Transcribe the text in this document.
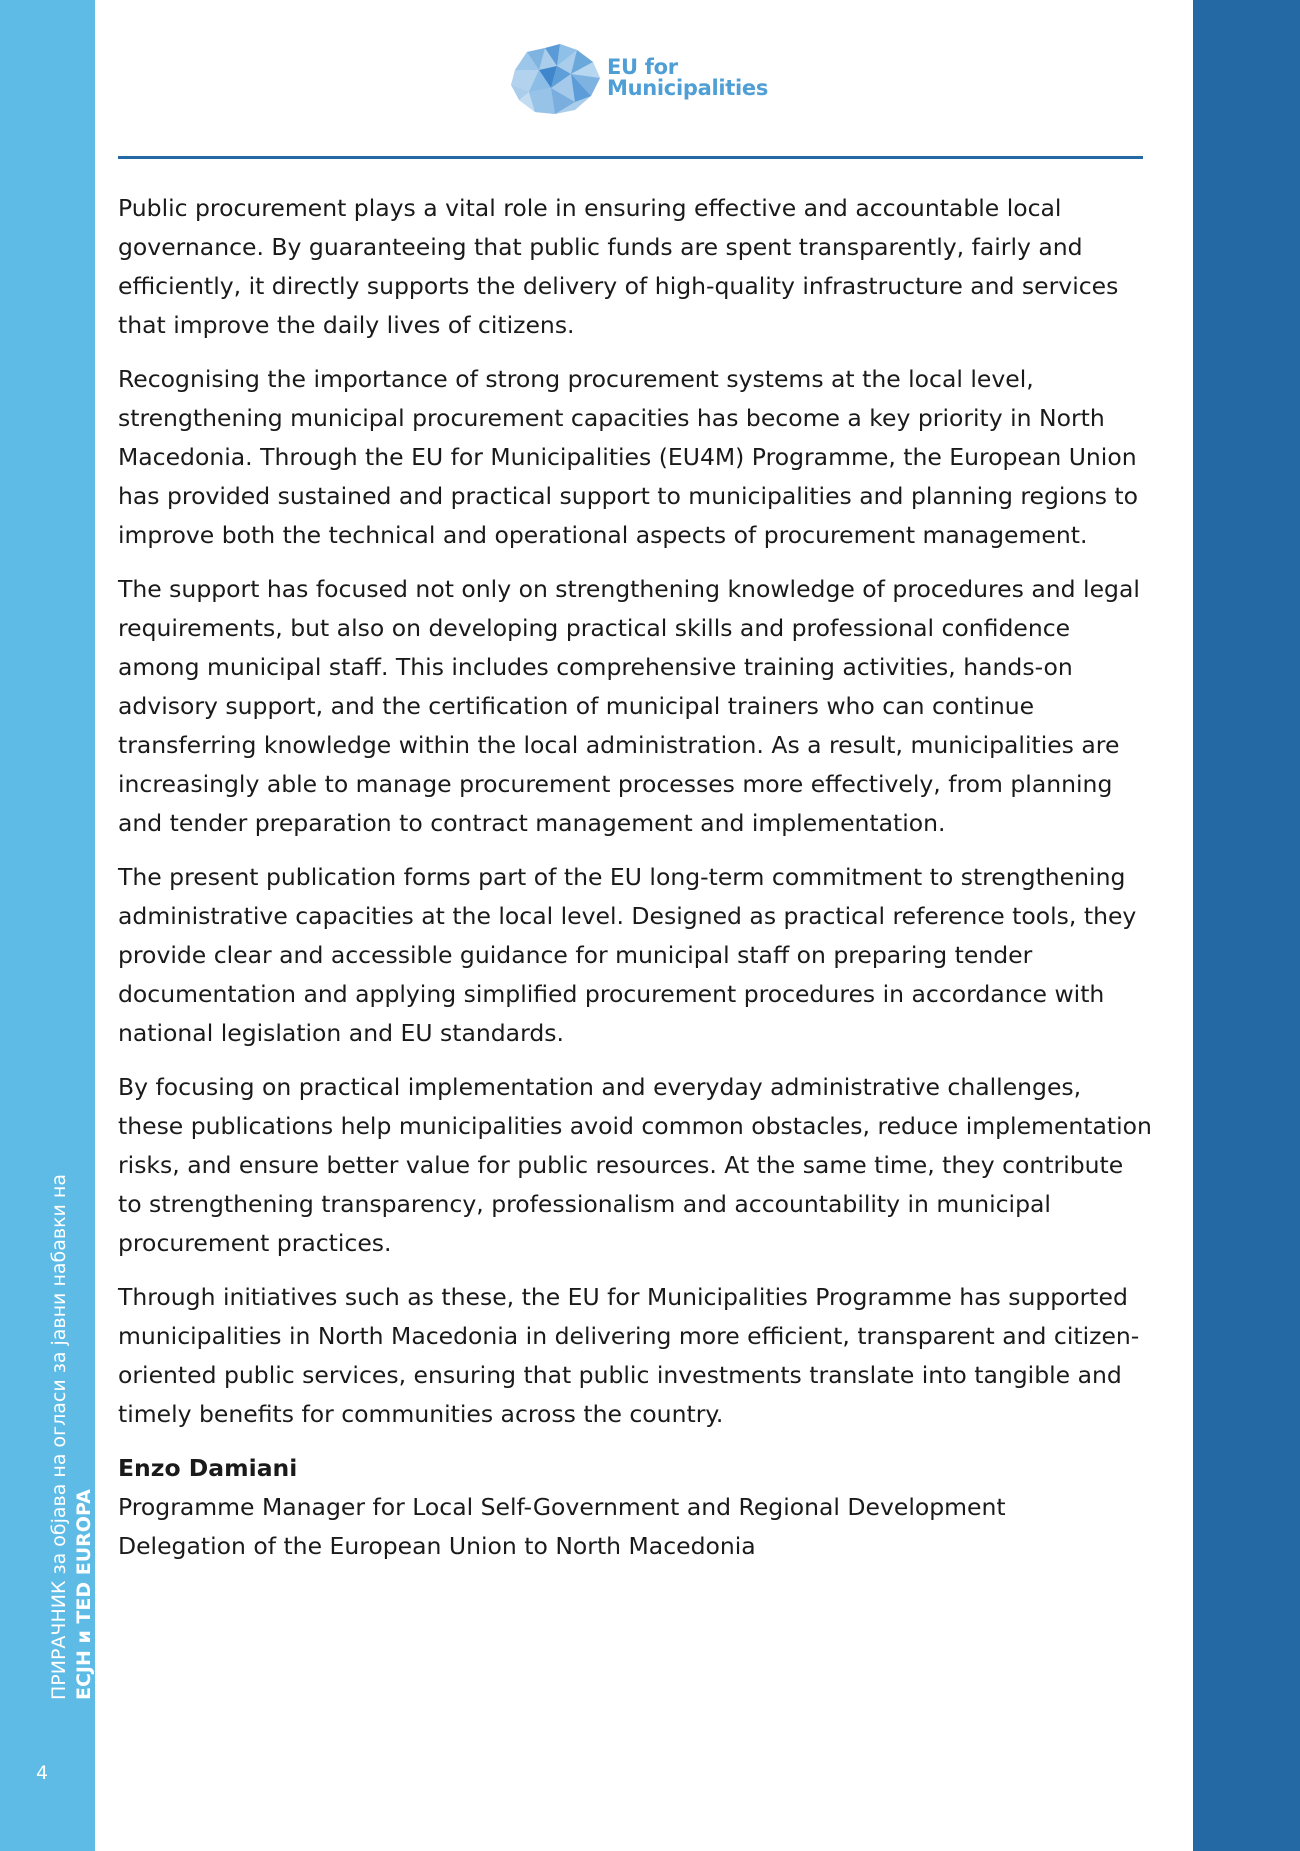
ПРИРАЧНИК за објава на огласи за јавни набавки на ЕСЈН и TED EUROPA
4
EU for
Municipalities

Public procurement plays a vital role in ensuring effective and accountable local governance. By guaranteeing that public funds are spent transparently, fairly and efficiently, it directly supports the delivery of high-quality infrastructure and services that improve the daily lives of citizens.

Recognising the importance of strong procurement systems at the local level, strengthening municipal procurement capacities has become a key priority in North Macedonia. Through the EU for Municipalities (EU4M) Programme, the European Union has provided sustained and practical support to municipalities and planning regions to improve both the technical and operational aspects of procurement management.

The support has focused not only on strengthening knowledge of procedures and legal requirements, but also on developing practical skills and professional confidence among municipal staff. This includes comprehensive training activities, hands-on advisory support, and the certification of municipal trainers who can continue transferring knowledge within the local administration. As a result, municipalities are increasingly able to manage procurement processes more effectively, from planning and tender preparation to contract management and implementation.

The present publication forms part of the EU long-term commitment to strengthening administrative capacities at the local level. Designed as practical reference tools, they provide clear and accessible guidance for municipal staff on preparing tender documentation and applying simplified procurement procedures in accordance with national legislation and EU standards.

By focusing on practical implementation and everyday administrative challenges, these publications help municipalities avoid common obstacles, reduce implementation risks, and ensure better value for public resources. At the same time, they contribute to strengthening transparency, professionalism and accountability in municipal procurement practices.

Through initiatives such as these, the EU for Municipalities Programme has supported municipalities in North Macedonia in delivering more efficient, transparent and citizen-oriented public services, ensuring that public investments translate into tangible and timely benefits for communities across the country.

Enzo Damiani
Programme Manager for Local Self-Government and Regional Development
Delegation of the European Union to North Macedonia
